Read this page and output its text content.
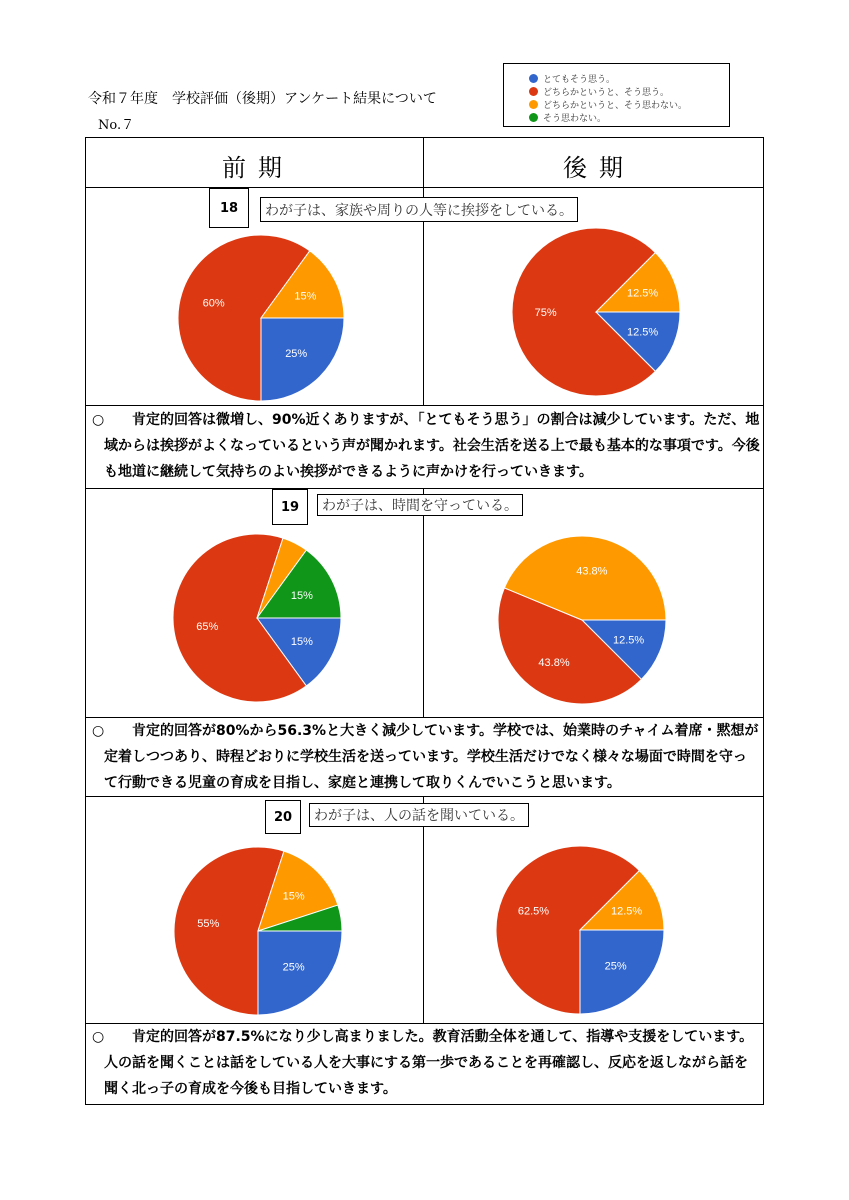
令和７年度　学校評価（後期）アンケート結果について
No.７
とてもそう思う。
どちらかというと、そう思う。
どちらかというと、そう思わない。
そう思わない。
前期	後期
18	わが子は、家族や周りの人等に挨拶をしている。
25%
60%
15%
12.5%
75%
12.5%
○	肯定的回答は微増し、90%近くありますが、「とてもそう思う」の割合は減少しています。ただ、地域からは挨拶がよくなっているという声が聞かれます。社会生活を送る上で最も基本的な事項です。今後も地道に継続して気持ちのよい挨拶ができるように声かけを行っていきます。
19	わが子は、時間を守っている。
15%
65%
15%
12.5%
43.8%
43.8%
○	肯定的回答が80%から56.3%と大きく減少しています。学校では、始業時のチャイム着席・黙想が定着しつつあり、時程どおりに学校生活を送っています。学校生活だけでなく様々な場面で時間を守って行動できる児童の育成を目指し、家庭と連携して取りくんでいこうと思います。
20	わが子は、人の話を聞いている。
25%
55%
15%
25%
62.5%	12.5%
○	肯定的回答が87.5%になり少し高まりました。教育活動全体を通して、指導や支援をしています。人の話を聞くことは話をしている人を大事にする第一歩であることを再確認し、反応を返しながら話を聞く北っ子の育成を今後も目指していきます。
